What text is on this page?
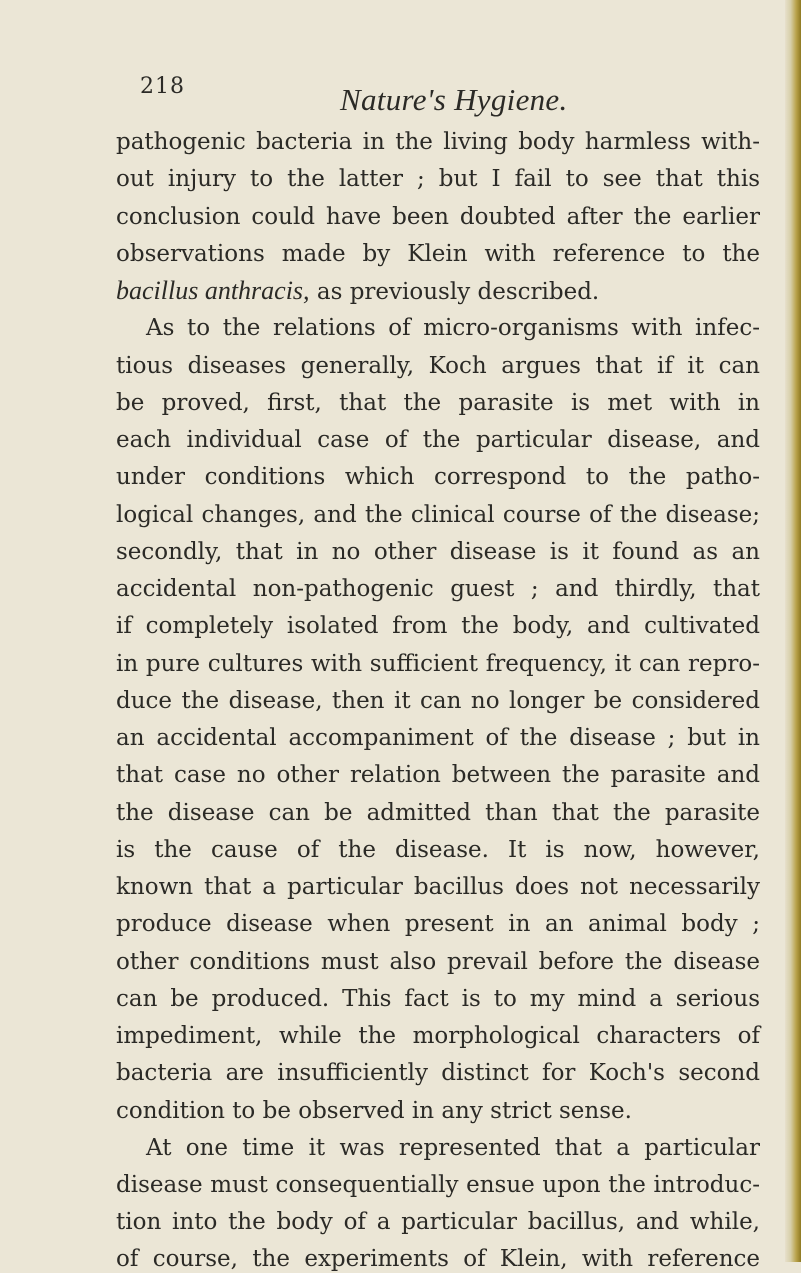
218	Nature's Hygiene.
pathogenic bacteria in the living body harmless with-
out injury to the latter ; but I fail to see that this
conclusion could have been doubted after the earlier
observations made by Klein with reference to the
bacillus anthracis, as previously described.
As to the relations of micro-organisms with infec-
tious diseases generally, Koch argues that if it can
be proved, first, that the parasite is met with in
each individual case of the particular disease, and
under conditions which correspond to the patho-
logical changes, and the clinical course of the disease;
secondly, that in no other disease is it found as an
accidental non-pathogenic guest ; and thirdly, that
if completely isolated from the body, and cultivated
in pure cultures with sufficient frequency, it can repro-
duce the disease, then it can no longer be considered
an accidental accompaniment of the disease ; but in
that case no other relation between the parasite and
the disease can be admitted than that the parasite
is the cause of the disease. It is now, however,
known that a particular bacillus does not necessarily
produce disease when present in an animal body ;
other conditions must also prevail before the disease
can be produced. This fact is to my mind a serious
impediment, while the morphological characters of
bacteria are insufficiently distinct for Koch's second
condition to be observed in any strict sense.
At one time it was represented that a particular
disease must consequentially ensue upon the introduc-
tion into the body of a particular bacillus, and while,
of course, the experiments of Klein, with reference
